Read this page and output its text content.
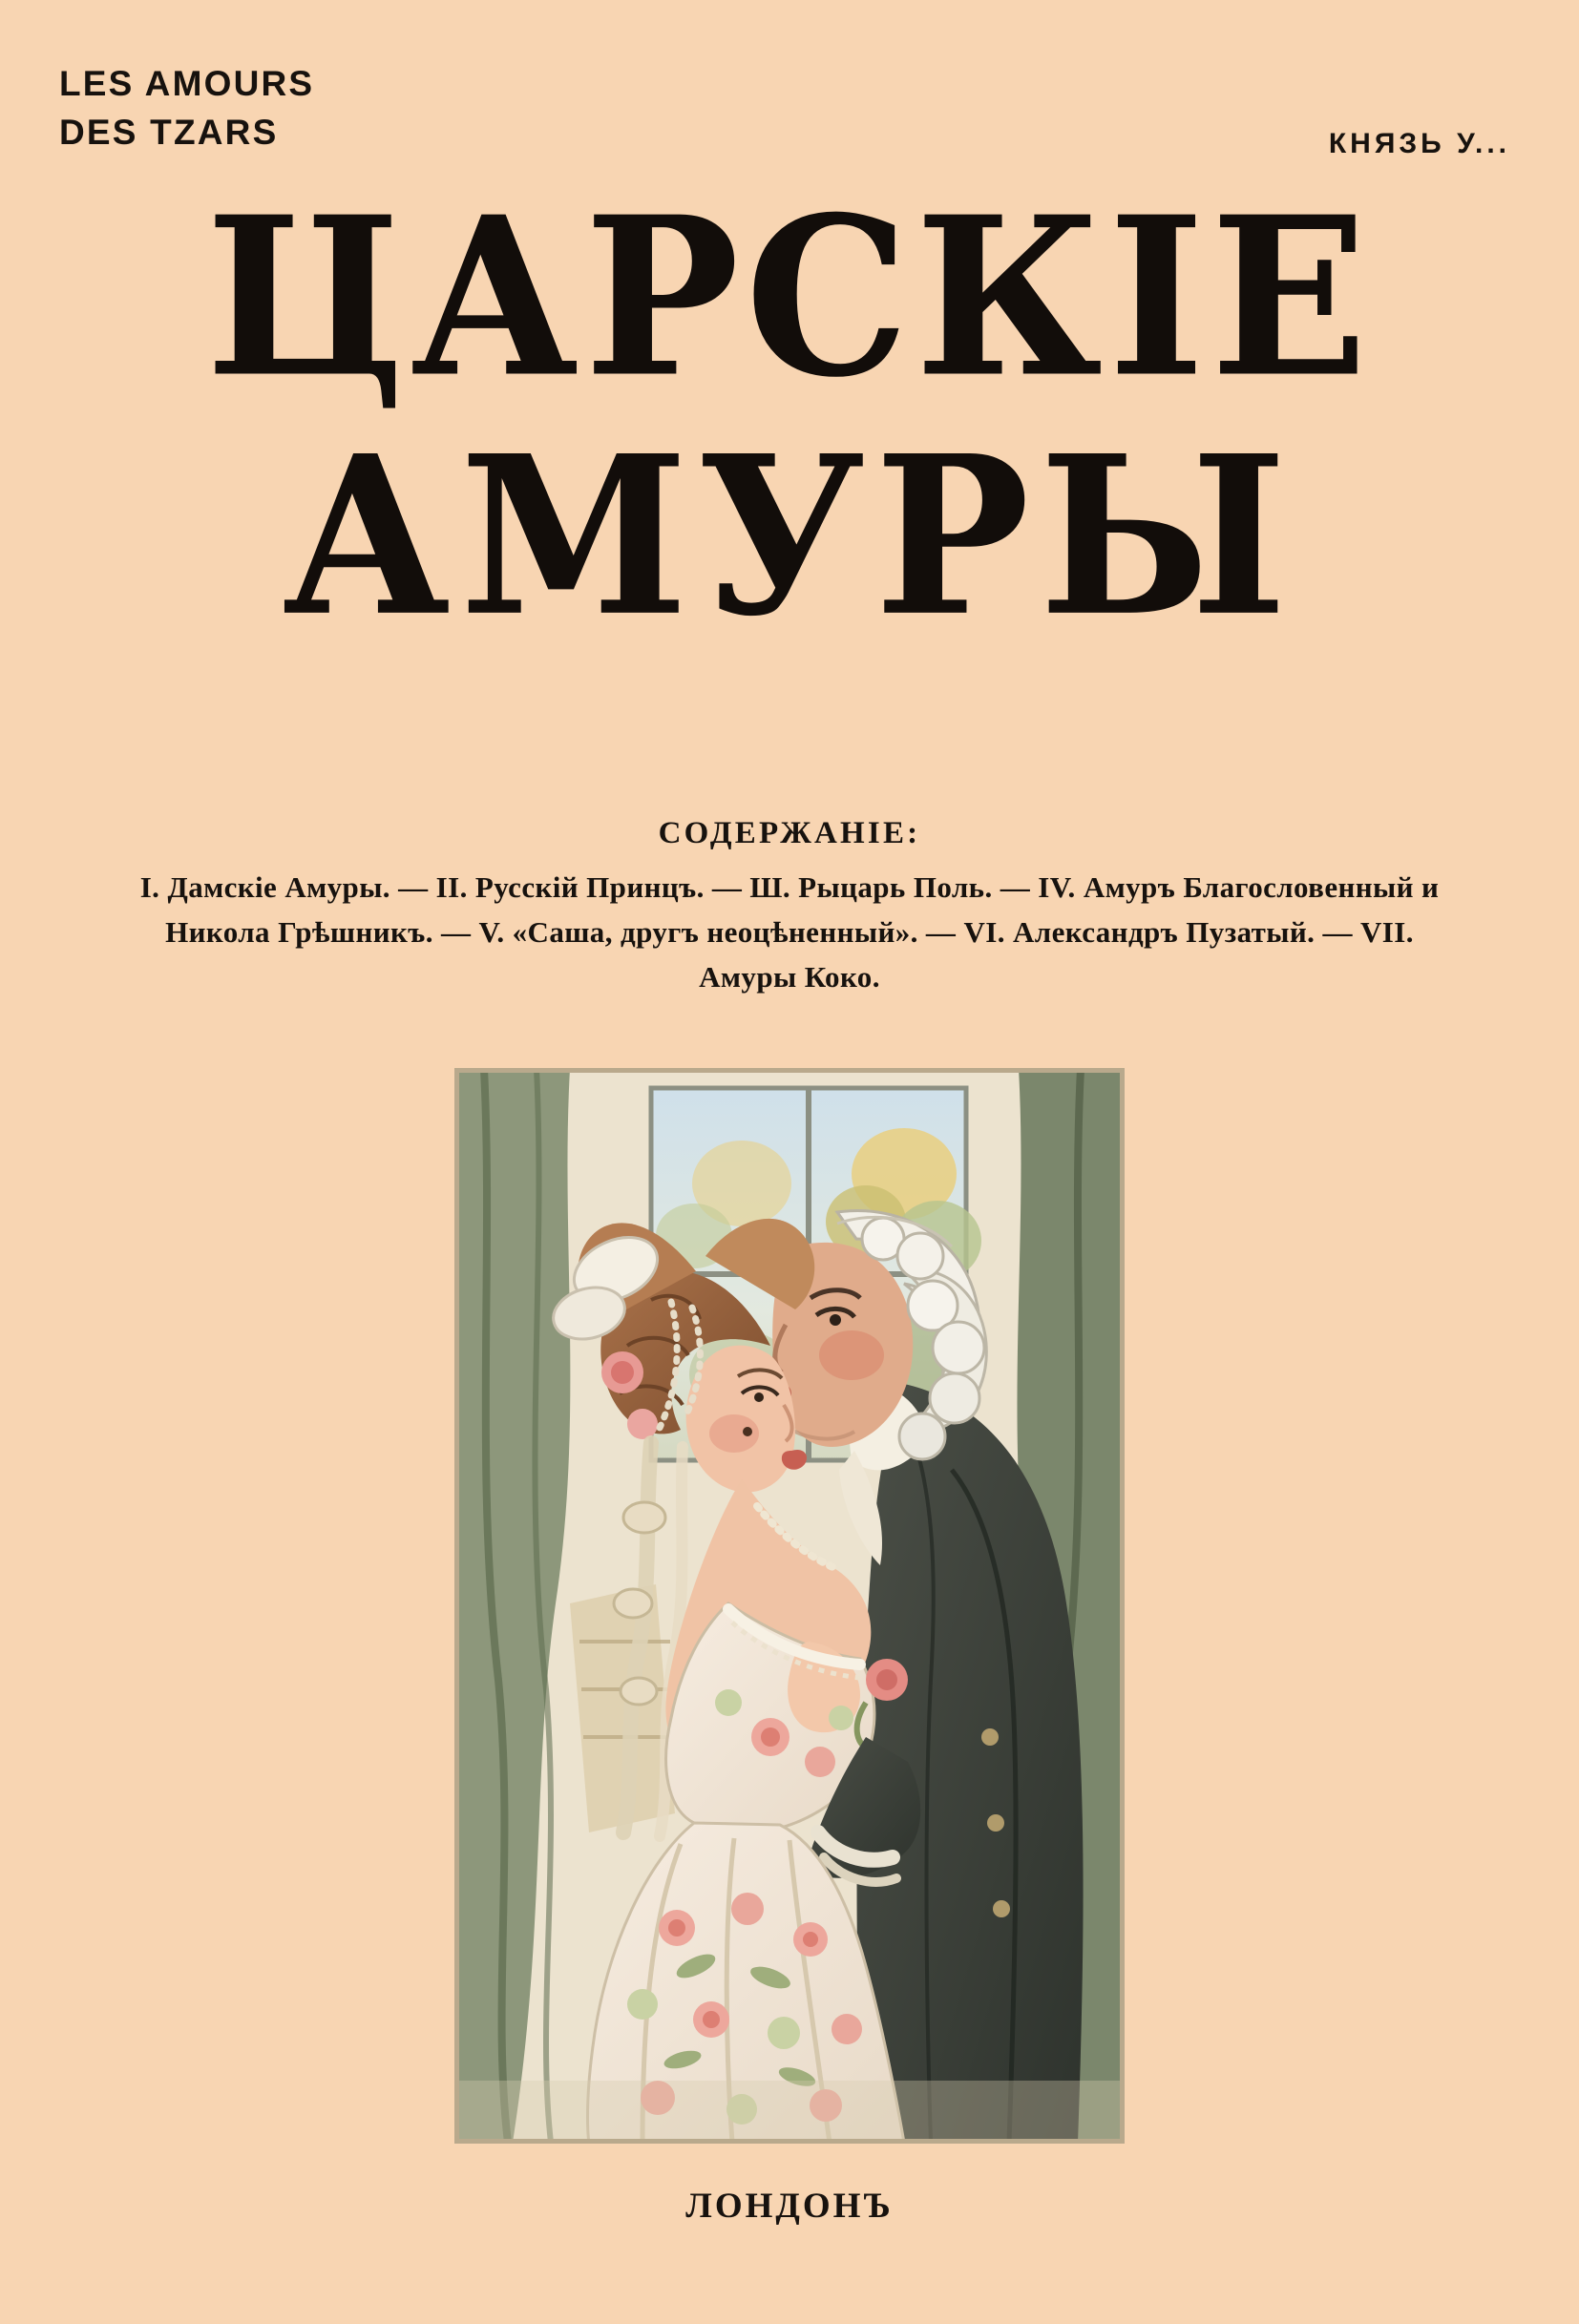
LES AMOURS
DES TZARS	КНЯЗЬ У...
ЦАРСКІЕ
АМУРЫ
СОДЕРЖАНIЕ:
I. Дамскіе Амуры. — II. Русскій Принцъ. — Ш. Рыцарь Поль. — IV. Амуръ Благословенный и Никола Грѣшникъ. — V. «Саша, другъ неоцѣненный». — VI. Александръ Пузатый. — VII. Амуры Коко.
ЛОНДОНЪ
